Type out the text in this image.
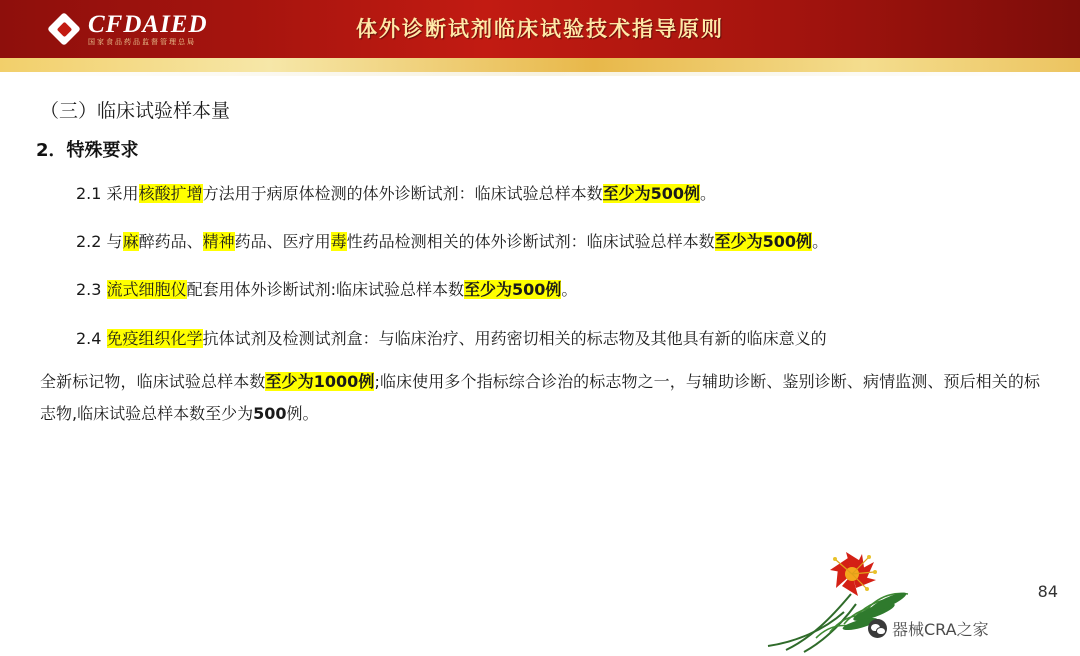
体外诊断试剂临床试验技术指导原则
CFDAIED
国家食品药品监督管理总局
（三）临床试验样本量
2．特殊要求
2.1 采用核酸扩增方法用于病原体检测的体外诊断试剂：临床试验总样本数至少为500例。
2.2 与麻醉药品、精神药品、医疗用毒性药品检测相关的体外诊断试剂：临床试验总样本数至少为500例。
2.3 流式细胞仪配套用体外诊断试剂:临床试验总样本数至少为500例。
2.4 免疫组织化学抗体试剂及检测试剂盒：与临床治疗、用药密切相关的标志物及其他具有新的临床意义的
全新标记物，临床试验总样本数至少为1000例;临床使用多个指标综合诊治的标志物之一，与辅助诊断、鉴别诊断、病情监测、预后相关的标志物,临床试验总样本数至少为500例。
器械CRA之家
84
